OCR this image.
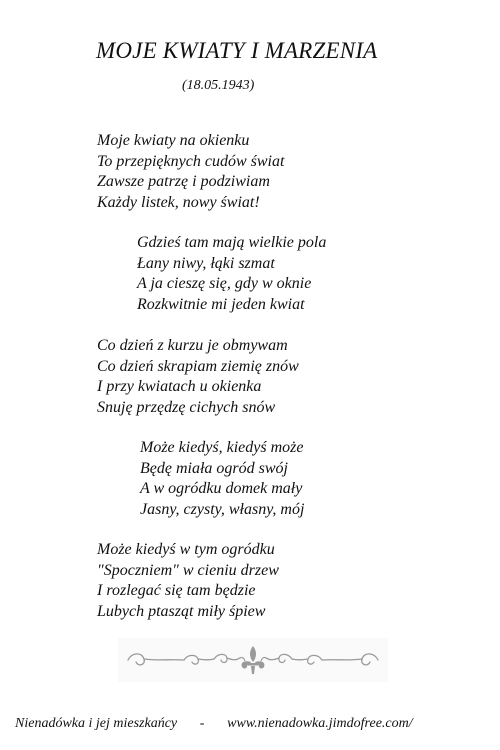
MOJE KWIATY I MARZENIA
(18.05.1943)
Moje kwiaty na okienku
To przepięknych cudów świat
Zawsze patrzę i podziwiam
Każdy listek, nowy świat!
Gdzieś tam mają wielkie pola
Łany niwy, łąki szmat
A ja cieszę się, gdy w oknie
Rozkwitnie mi jeden kwiat
Co dzień z kurzu je obmywam
Co dzień skrapiam ziemię znów
I przy kwiatach u okienka
Snuję przędzę cichych snów
Może kiedyś, kiedyś może
Będę miała ogród swój
A w ogródku domek mały
Jasny, czysty, własny, mój
Może kiedyś w tym ogródku
"Spoczniem" w cieniu drzew
I rozlegać się tam będzie
Lubych ptasząt miły śpiew
Nienadówka i jej mieszkańcy - www.nienadowka.jimdofree.com/
